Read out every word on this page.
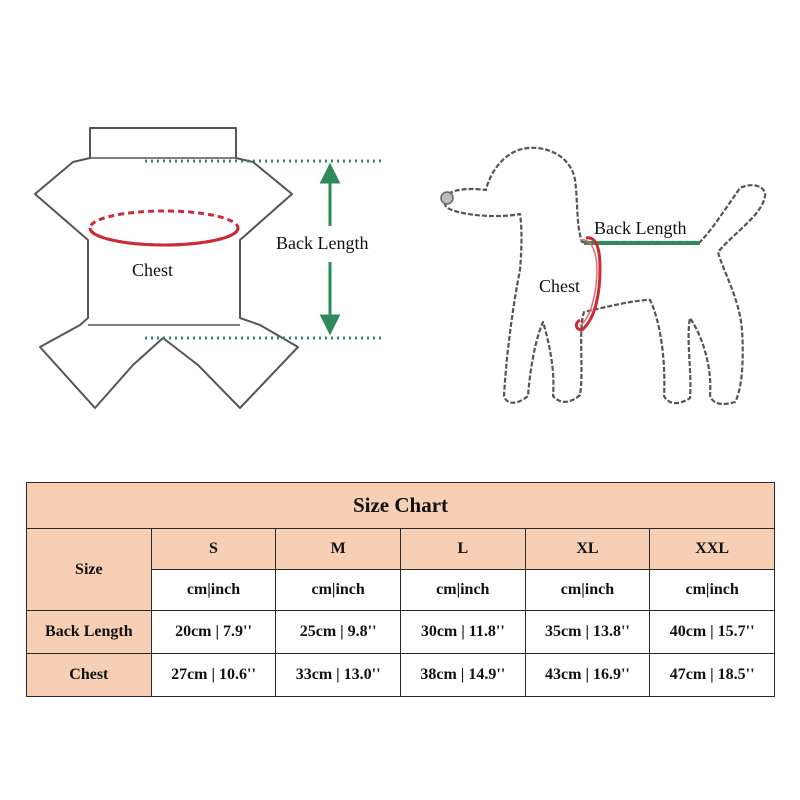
Chest
Back Length
Back Length
Chest
Size Chart					
Size	S	M	L	XL	XXL
	cm|inch	cm|inch	cm|inch	cm|inch	cm|inch
Back Length	20cm | 7.9''	25cm | 9.8''	30cm | 11.8''	35cm | 13.8''	40cm | 15.7''
Chest	27cm | 10.6''	33cm | 13.0''	38cm | 14.9''	43cm | 16.9''	47cm | 18.5''
